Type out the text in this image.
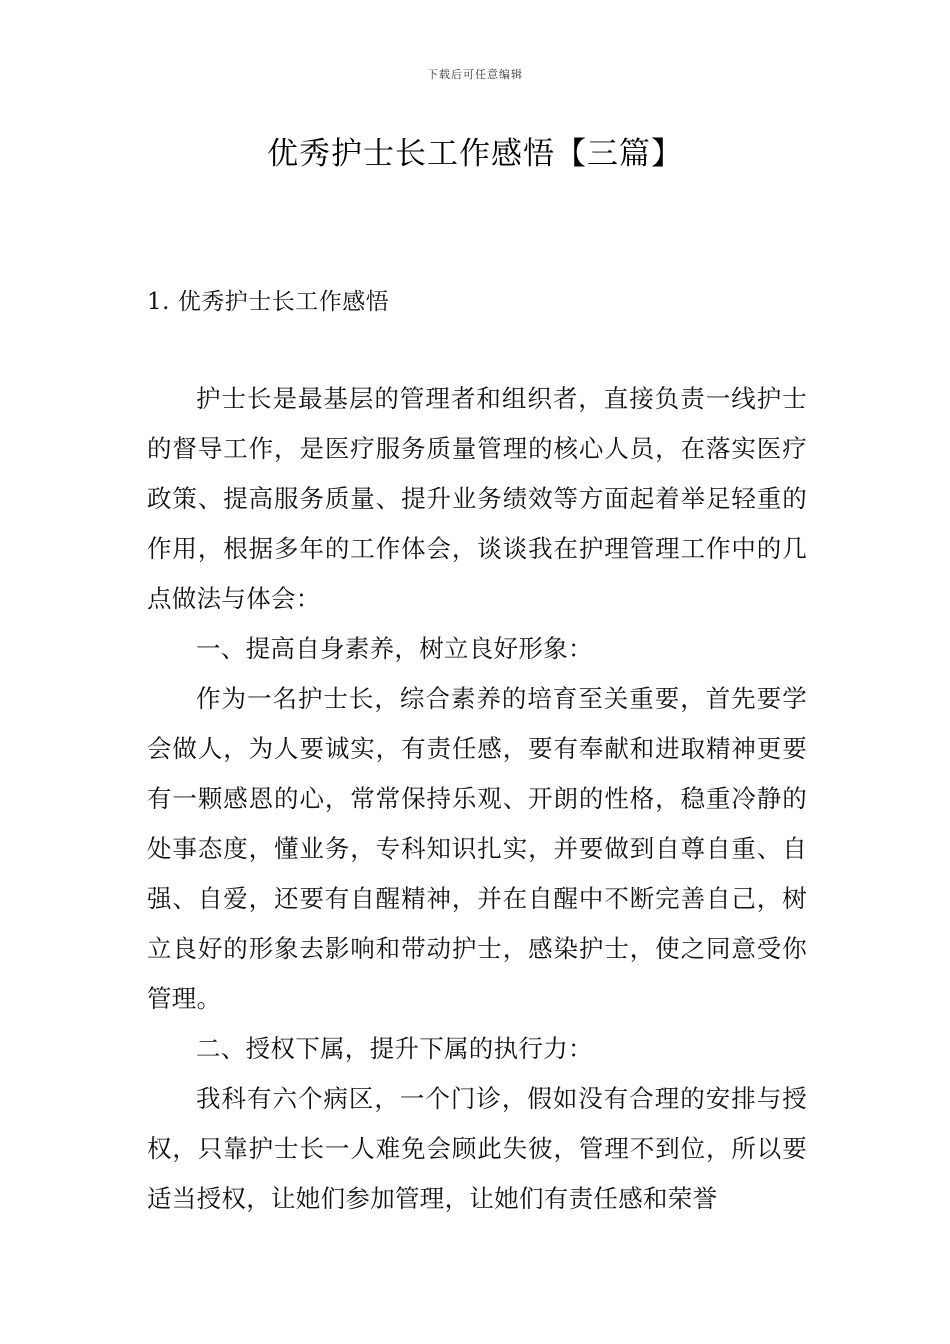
下载后可任意编辑
优秀护士长工作感悟【三篇】
1. 优秀护士长工作感悟

护士长是最基层的管理者和组织者，直接负责一线护士的督导工作，是医疗服务质量管理的核心人员，在落实医疗政策、提高服务质量、提升业务绩效等方面起着举足轻重的作用，根据多年的工作体会，谈谈我在护理管理工作中的几点做法与体会：

一、提高自身素养，树立良好形象：

作为一名护士长，综合素养的培育至关重要，首先要学会做人，为人要诚实，有责任感，要有奉献和进取精神更要有一颗感恩的心，常常保持乐观、开朗的性格，稳重冷静的处事态度，懂业务，专科知识扎实，并要做到自尊自重、自强、自爱，还要有自醒精神，并在自醒中不断完善自己，树立良好的形象去影响和带动护士，感染护士，使之同意受你管理。

二、授权下属，提升下属的执行力：

我科有六个病区，一个门诊，假如没有合理的安排与授权，只靠护士长一人难免会顾此失彼，管理不到位，所以要适当授权，让她们参加管理，让她们有责任感和荣誉
